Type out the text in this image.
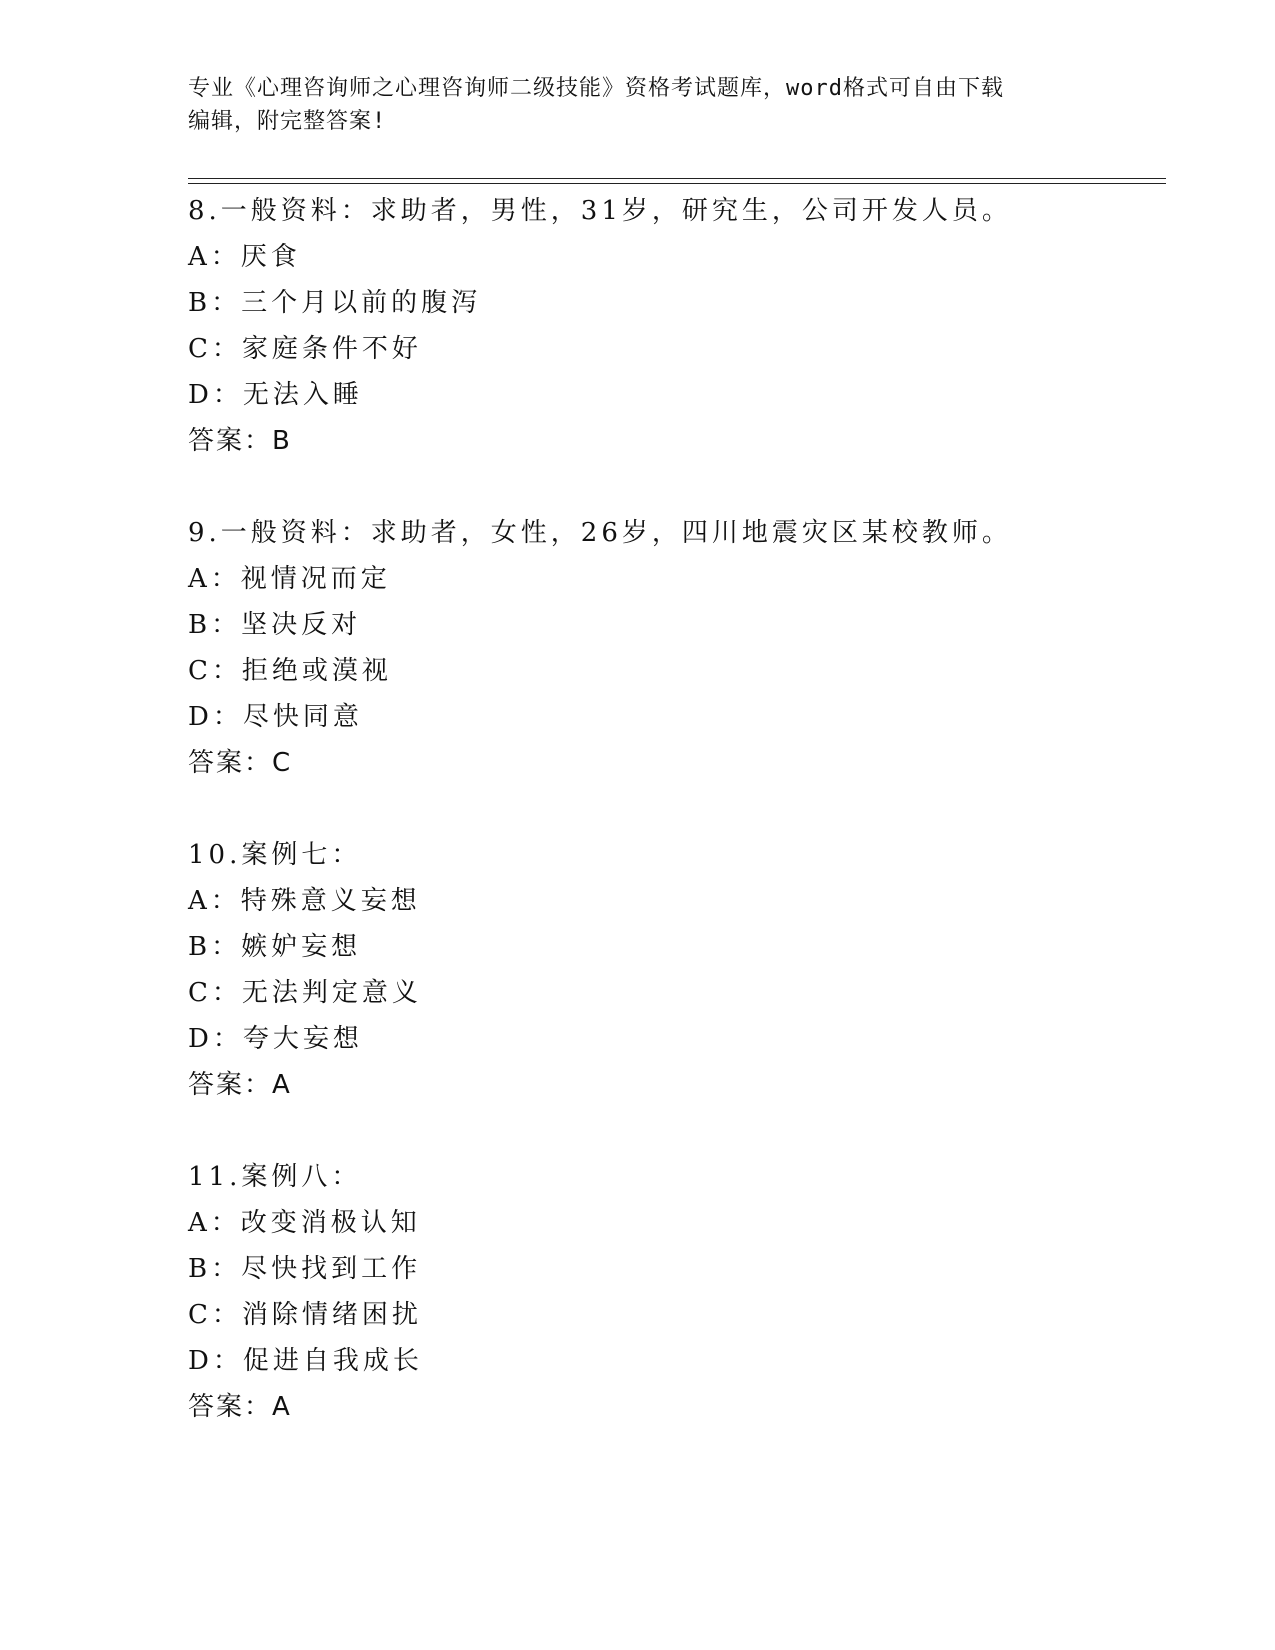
专业《心理咨询师之心理咨询师二级技能》资格考试题库，word格式可自由下载
编辑，附完整答案!
8.一般资料：求助者，男性，31岁，研究生，公司开发人员。
A：厌食
B：三个月以前的腹泻
C：家庭条件不好
D：无法入睡
答案：B
9.一般资料：求助者，女性，26岁，四川地震灾区某校教师。
A：视情况而定
B：坚决反对
C：拒绝或漠视
D：尽快同意
答案：C
10.案例七：
A：特殊意义妄想
B：嫉妒妄想
C：无法判定意义
D：夸大妄想
答案：A
11.案例八：
A：改变消极认知
B：尽快找到工作
C：消除情绪困扰
D：促进自我成长
答案：A
